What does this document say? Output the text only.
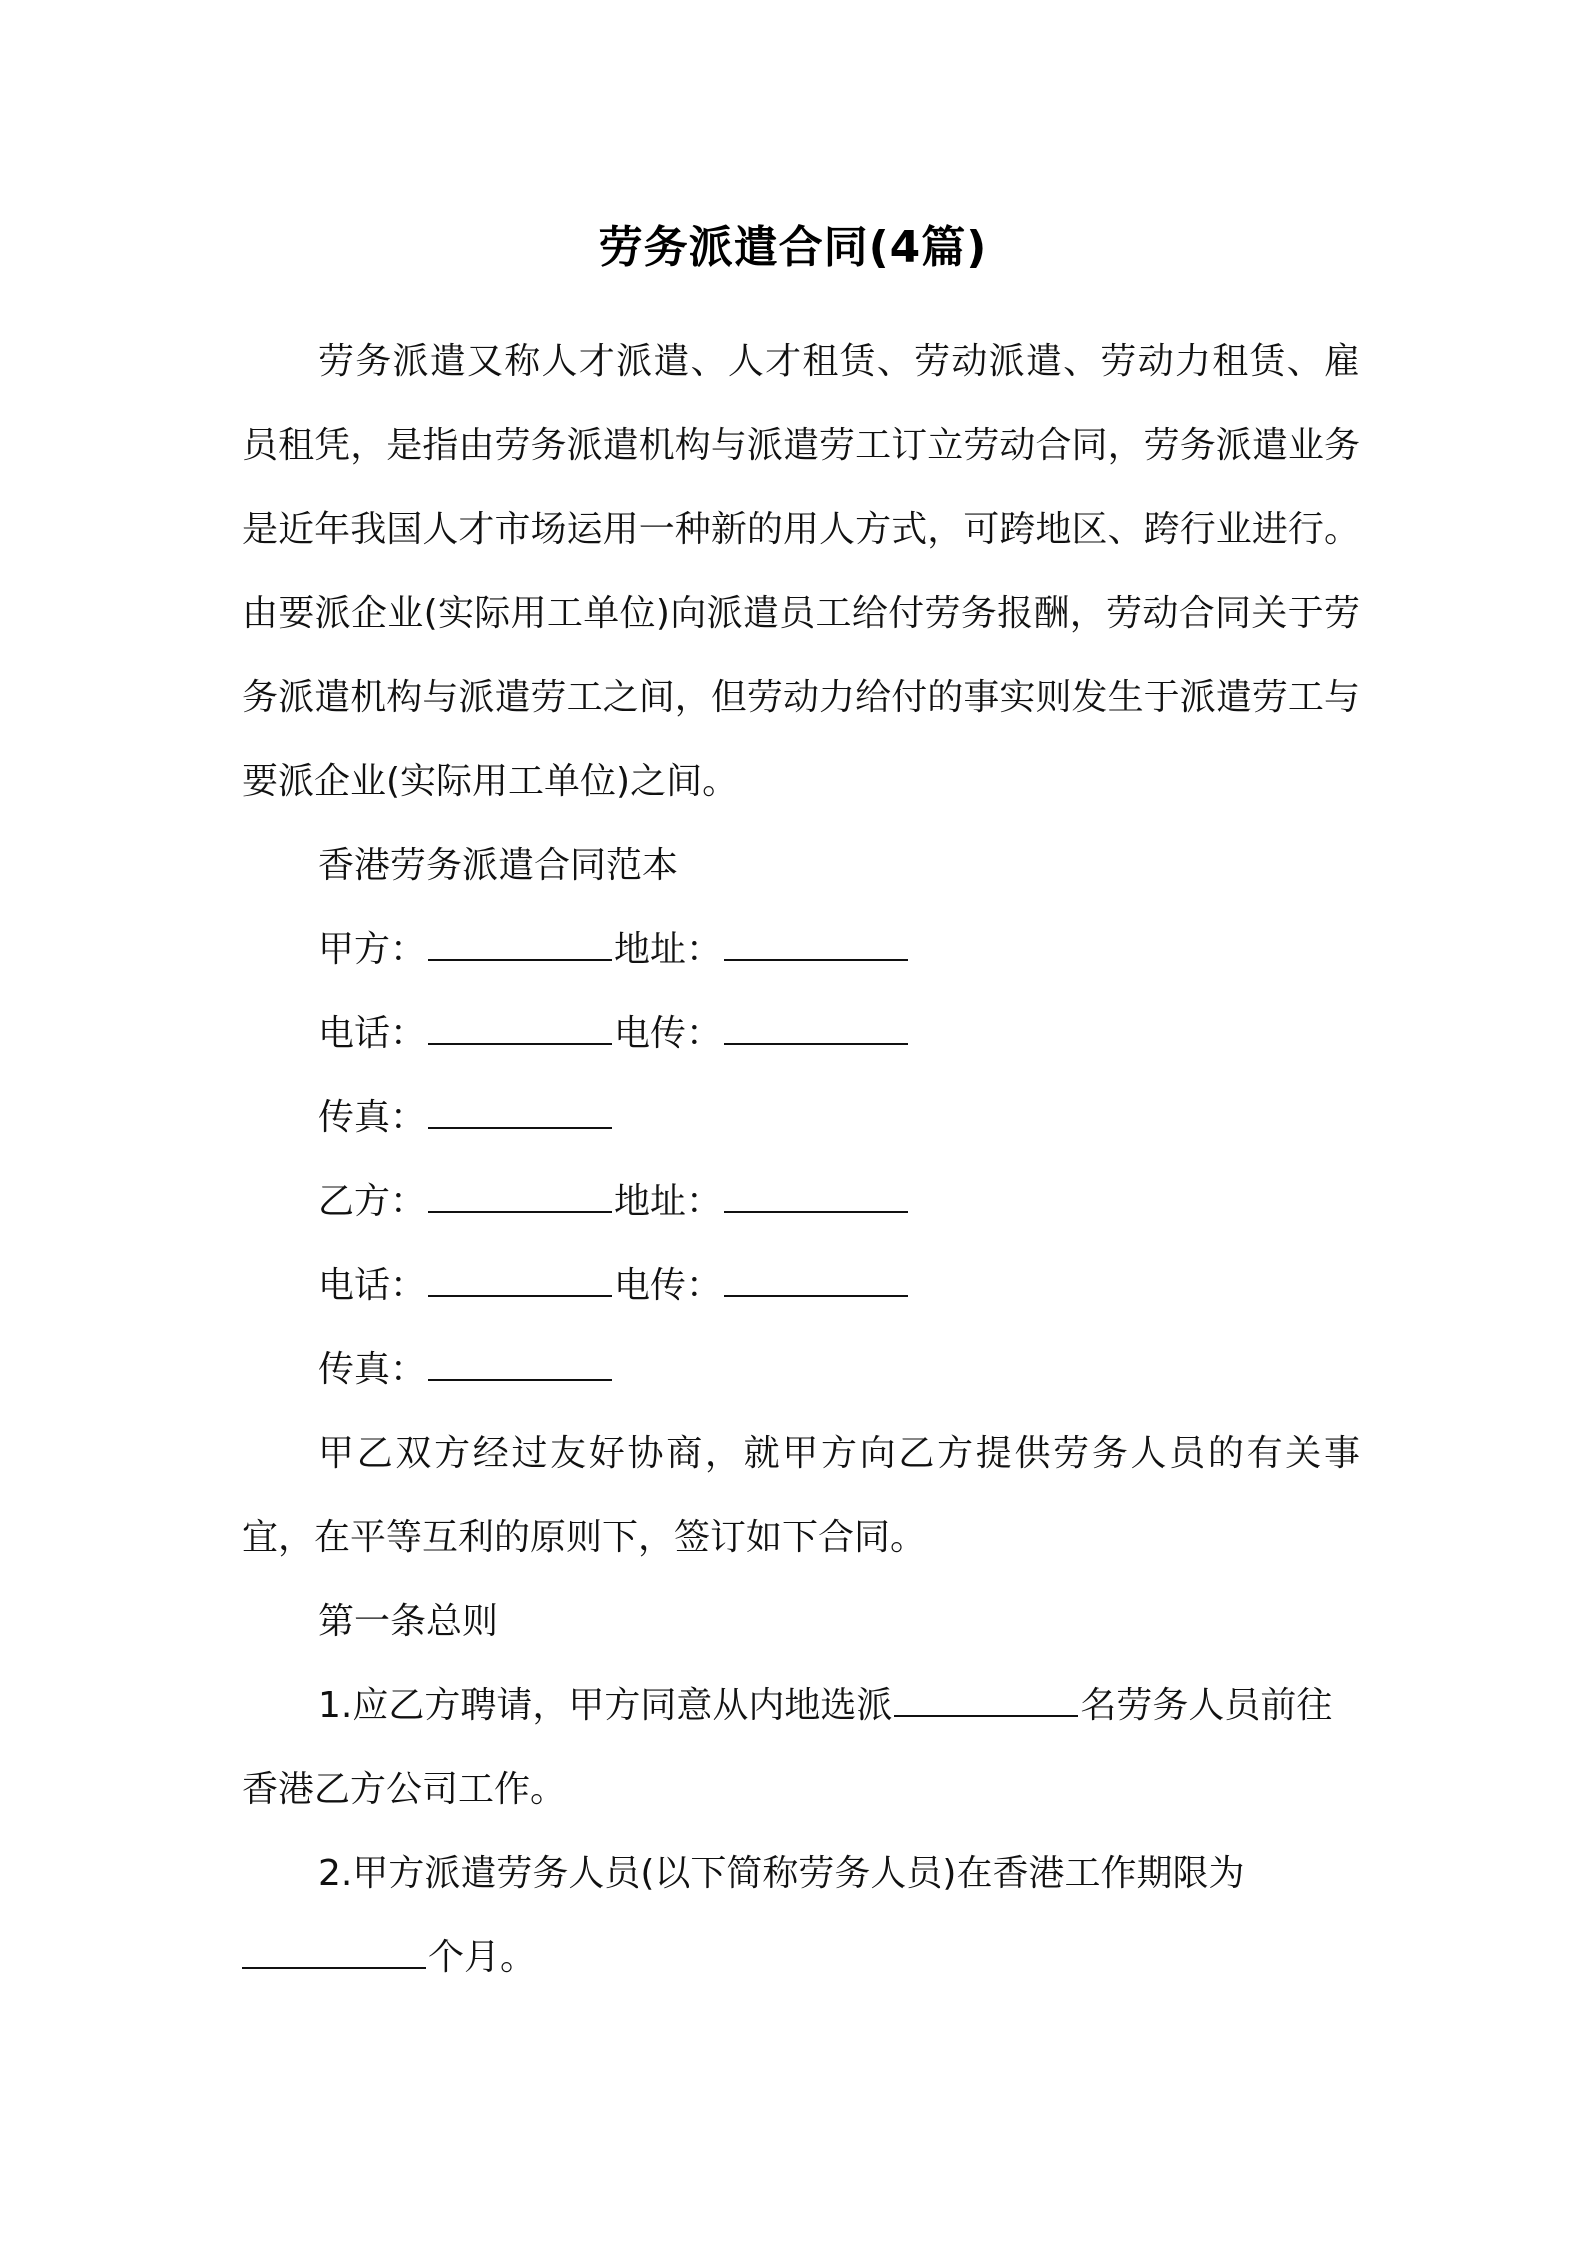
劳务派遣合同(4篇)

劳务派遣又称人才派遣、人才租赁、劳动派遣、劳动力租赁、雇员租凭，是指由劳务派遣机构与派遣劳工订立劳动合同，劳务派遣业务是近年我国人才市场运用一种新的用人方式，可跨地区、跨行业进行。由要派企业(实际用工单位)向派遣员工给付劳务报酬，劳动合同关于劳务派遣机构与派遣劳工之间，但劳动力给付的事实则发生于派遣劳工与要派企业(实际用工单位)之间。

香港劳务派遣合同范本

甲方：	地址：

电话：	电传：

传真：

乙方：	地址：

电话：	电传：

传真：

甲乙双方经过友好协商，就甲方向乙方提供劳务人员的有关事宜，在平等互利的原则下，签订如下合同。

第一条总则

1.应乙方聘请，甲方同意从内地选派	名劳务人员前往

香港乙方公司工作。

2.甲方派遣劳务人员(以下简称劳务人员)在香港工作期限为

个月。
